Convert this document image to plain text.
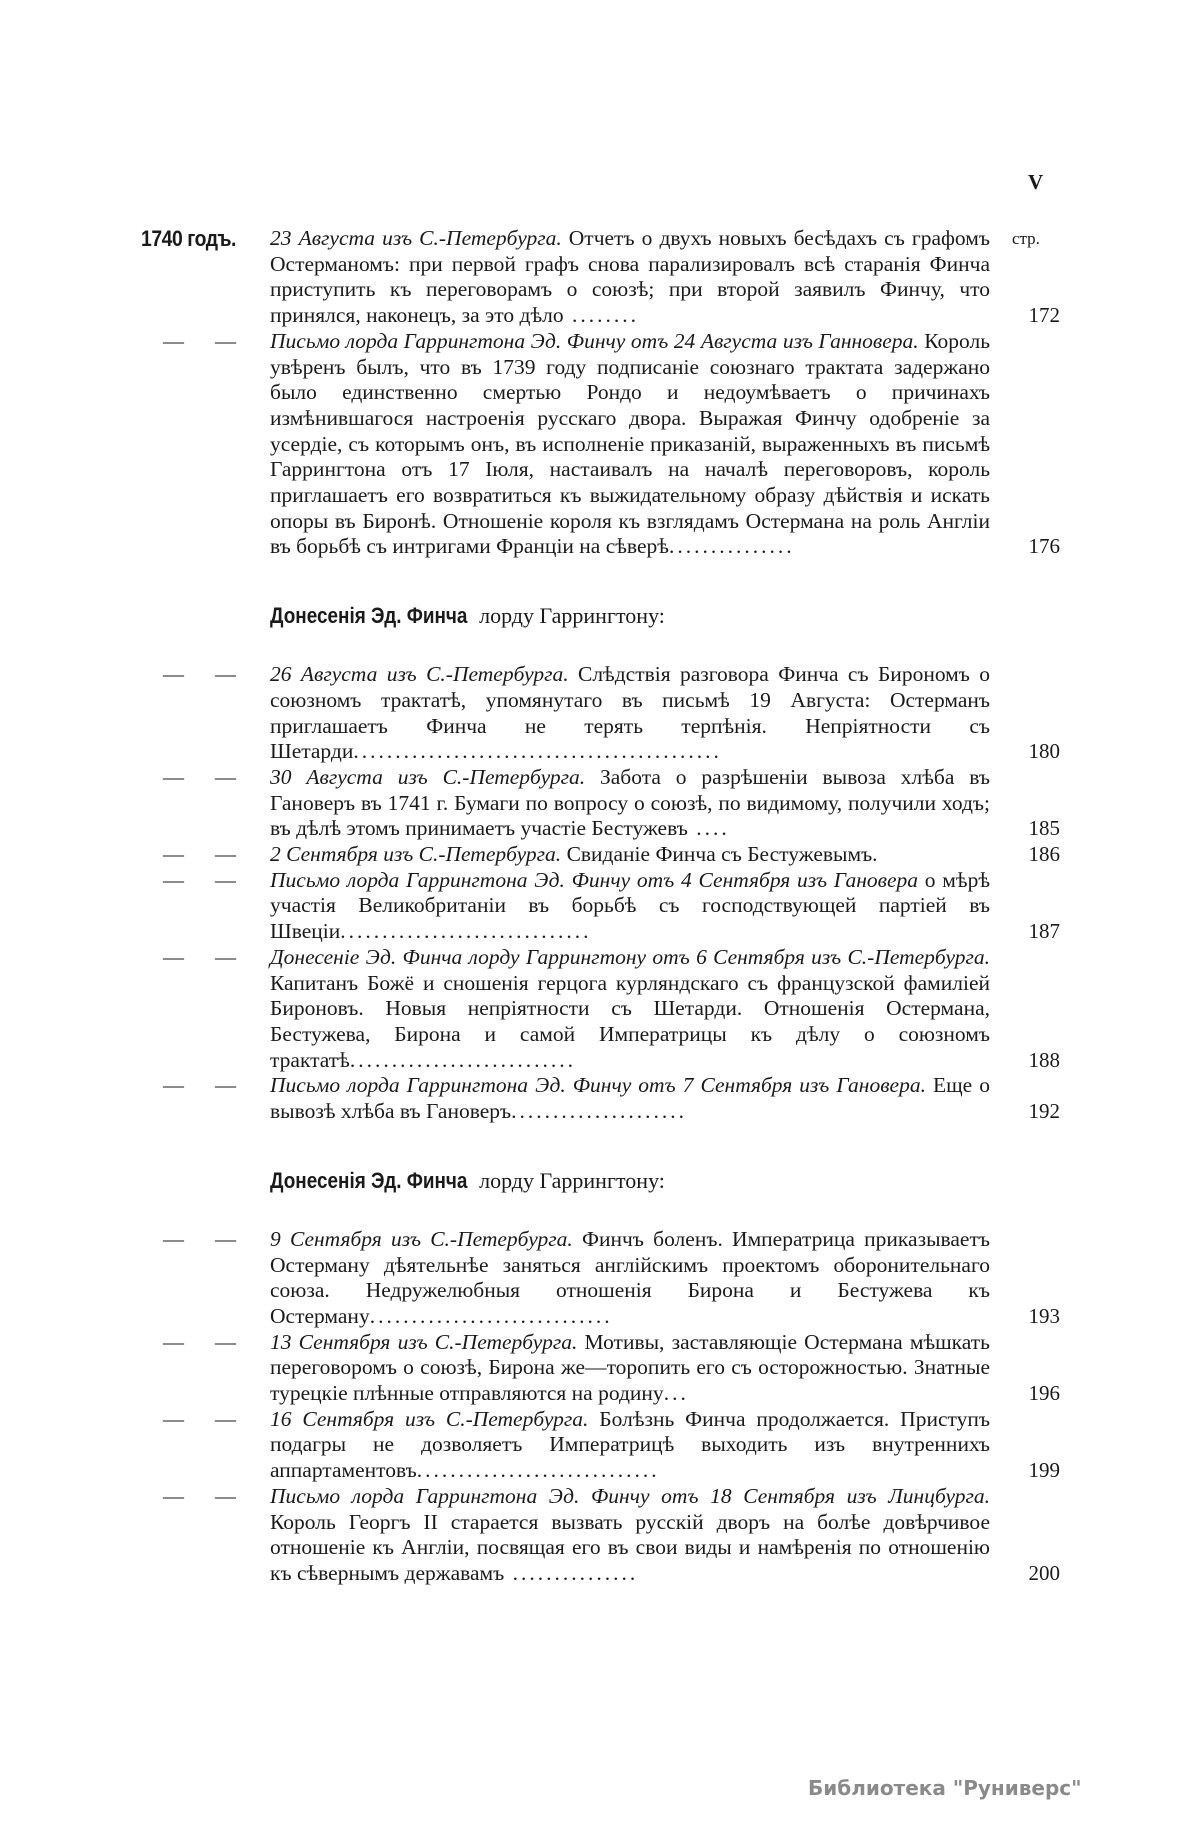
V
1740 годъ.	стр.
23 Августа изъ С.-Петербурга. Отчетъ о двухъ новыхъ бесѣдахъ съ графомъ Остерманомъ: при первой графъ снова парализировалъ всѣ старанія Финча приступить къ переговорамъ о союзѣ; при второй заявилъ Финчу, что принялся, наконецъ, за это дѣло ........	172
— — Письмо лорда Гаррингтона Эд. Финчу отъ 24 Августа изъ Ганновера. Король увѣренъ былъ, что въ 1739 году подписаніе союзнаго трактата задержано было единственно смертью Рондо и недоумѣваетъ о причинахъ измѣнившагося настроенія русскаго двора. Выражая Финчу одобреніе за усердіе, съ которымъ онъ, въ исполненіе приказаній, выраженныхъ въ письмѣ Гаррингтона отъ 17 Іюля, настаивалъ на началѣ переговоровъ, король приглашаетъ его возвратиться къ выжидательному образу дѣйствія и искать опоры въ Биронѣ. Отношеніе короля къ взглядамъ Остермана на роль Англіи въ борьбѣ съ интригами Франціи на сѣверѣ...............	176
Донесенія Эд. Финча лорду Гаррингтону:
— — 26 Августа изъ С.-Петербурга. Слѣдствія разговора Финча съ Бирономъ о союзномъ трактатѣ, упомянутаго въ письмѣ 19 Августа: Остерманъ приглашаетъ Финча не терять терпѣнія. Непріятности съ Шетарди............................................	180
— — 30 Августа изъ С.-Петербурга. Забота о разрѣшеніи вывоза хлѣба въ Гановеръ въ 1741 г. Бумаги по вопросу о союзѣ, по видимому, получили ходъ; въ дѣлѣ этомъ принимаетъ участіе Бестужевъ ....	185
— — 2 Сентября изъ С.-Петербурга. Свиданіе Финча съ Бестужевымъ.	186
— — Письмо лорда Гаррингтона Эд. Финчу отъ 4 Сентября изъ Гановера о мѣрѣ участія Великобританіи въ борьбѣ съ господствующей партіей въ Швеціи..............................	187
— — Донесеніе Эд. Финча лорду Гаррингтону отъ 6 Сентября изъ С.-Петербурга. Капитанъ Божё и сношенія герцога курляндскаго съ французской фамиліей Бироновъ. Новыя непріятности съ Шетарди. Отношенія Остермана, Бестужева, Бирона и самой Императрицы къ дѣлу о союзномъ трактатѣ...........................	188
— — Письмо лорда Гаррингтона Эд. Финчу отъ 7 Сентября изъ Гановера. Еще о вывозѣ хлѣба въ Гановеръ.....................	192
Донесенія Эд. Финча лорду Гаррингтону:
— — 9 Сентября изъ С.-Петербурга. Финчъ боленъ. Императрица приказываетъ Остерману дѣятельнѣе заняться англійскимъ проектомъ оборонительнаго союза. Недружелюбныя отношенія Бирона и Бестужева къ Остерману.............................	193
— — 13 Сентября изъ С.-Петербурга. Мотивы, заставляющіе Остермана мѣшкать переговоромъ о союзѣ, Бирона же—торопить его съ осторожностью. Знатные турецкіе плѣнные отправляются на родину...	196
— — 16 Сентября изъ С.-Петербурга. Болѣзнь Финча продолжается. Приступъ подагры не дозволяетъ Императрицѣ выходить изъ внутреннихъ аппартаментовъ.............................	199
— — Письмо лорда Гаррингтона Эд. Финчу отъ 18 Сентября изъ Линцбурга. Король Георгъ II старается вызвать русскій дворъ на болѣе довѣрчивое отношеніе къ Англіи, посвящая его въ свои виды и намѣренія по отношенію къ сѣвернымъ державамъ ...............	200
Библиотека "Руниверс"
